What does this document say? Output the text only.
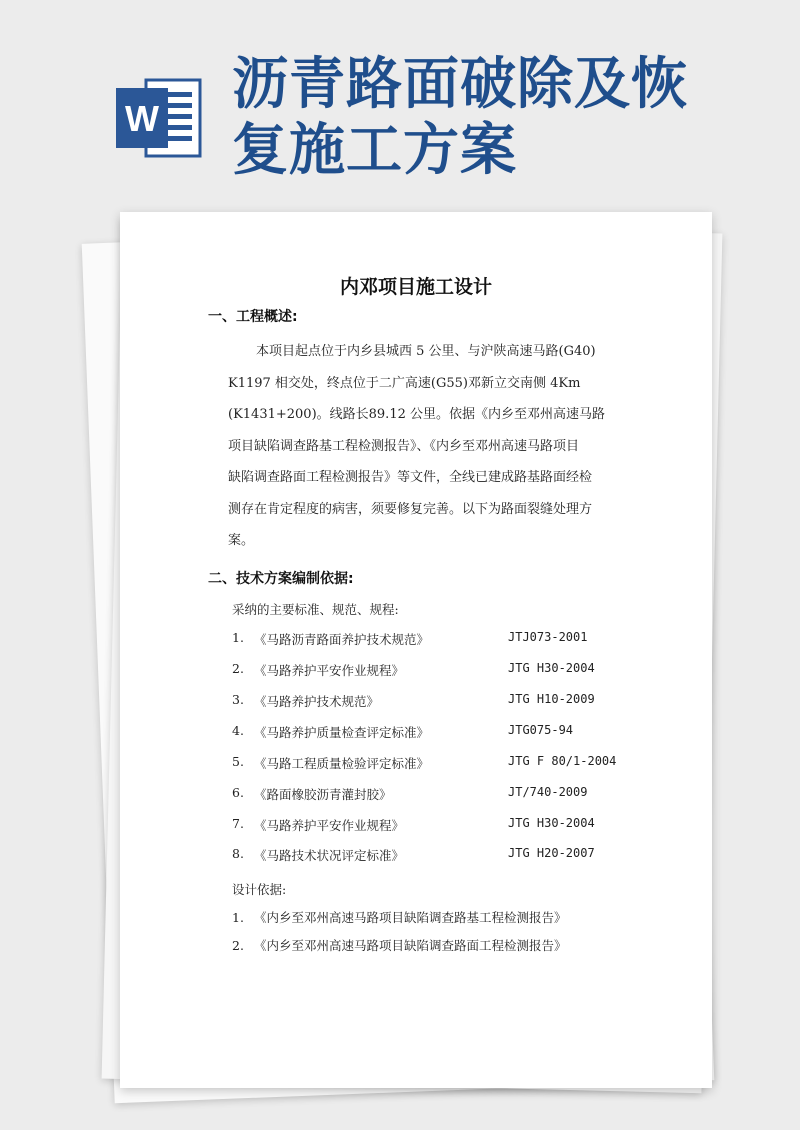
W
沥青路面破除及恢
复施工方案
内邓项目施工设计
一、工程概述:

本项目起点位于内乡县城西 5 公里、与沪陕高速马路(G40)

K1197 相交处，终点位于二广高速(G55)邓新立交南侧 4Km

(K1431+200)。线路长89.12 公里。依据《内乡至邓州高速马路

项目缺陷调查路基工程检测报告》、《内乡至邓州高速马路项目

缺陷调查路面工程检测报告》等文件，全线已建成路基路面经检

测存在肯定程度的病害，须要修复完善。以下为路面裂缝处理方

案。

二、技术方案编制依据:
采纳的主要标准、规范、规程:
1. 《马路沥青路面养护技术规范》	JTJ073-2001
2. 《马路养护平安作业规程》	JTG H30-2004
3. 《马路养护技术规范》	JTG H10-2009
4. 《马路养护质量检查评定标准》	JTG075-94
5. 《马路工程质量检验评定标准》	JTG F 80/1-2004
6. 《路面橡胶沥青灌封胶》	JT/740-2009
7. 《马路养护平安作业规程》	JTG H30-2004
8. 《马路技术状况评定标准》	JTG H20-2007
设计依据:
1. 《内乡至邓州高速马路项目缺陷调查路基工程检测报告》
2. 《内乡至邓州高速马路项目缺陷调查路面工程检测报告》
